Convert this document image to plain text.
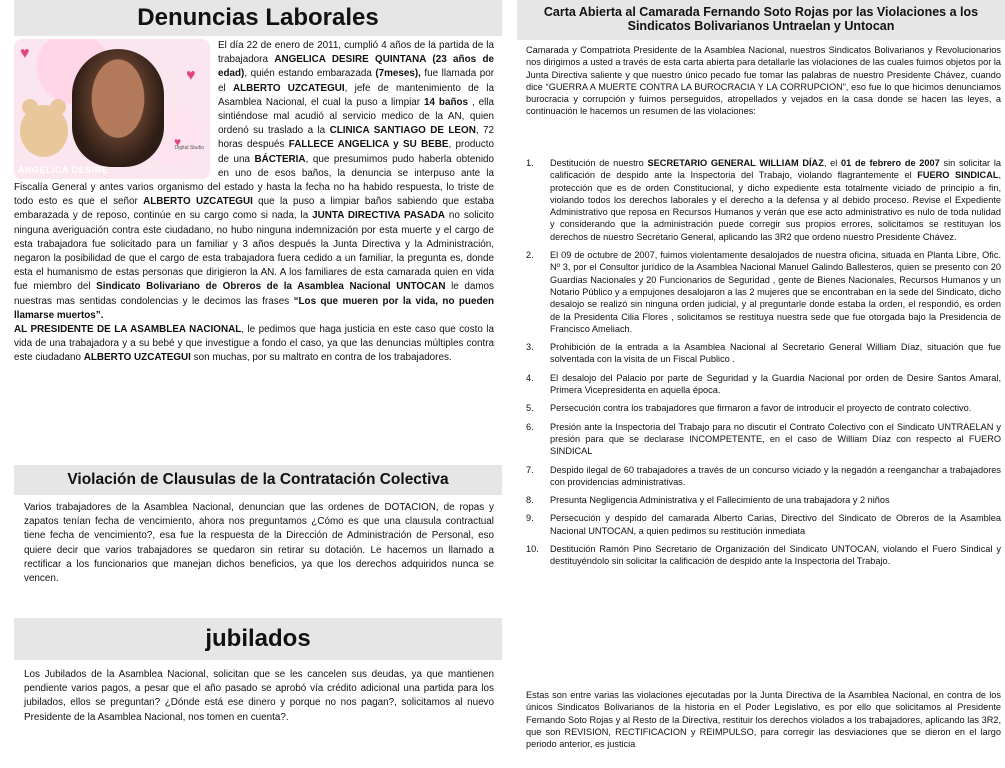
Denuncias Laborales
♥
♥
♥
ANGELICA DESIRE
Digital Studio
El día 22 de enero de 2011, cumplió 4 años de la partida de la trabajadora ANGELICA DESIRE QUINTANA (23 años de edad), quién estando embarazada (7meses), fue llamada por el ALBERTO UZCATEGUI, jefe de mantenimiento de la Asamblea Nacional, el cual la puso a limpiar 14 baños , ella sintiéndose mal acudió al servicio medico de la AN, quien ordenó su traslado a la CLINICA SANTIAGO DE LEON, 72 horas después FALLECE ANGELICA y SU BEBE, producto de una BÁCTERIA, que presumimos pudo haberla obtenido en uno de esos baños, la denuncia se interpuso ante la Fiscalía General y antes varios organismo del estado y hasta la fecha no ha habido respuesta, lo triste de todo esto es que el señor ALBERTO UZCATEGUI que la puso a limpiar baños sabiendo que estaba embarazada y de reposo, continúe en su cargo como si nada, la JUNTA DIRECTIVA PASADA no solicito ninguna averiguación contra este ciudadano, no hubo ninguna indemnización por esta muerte y el cargo de esta trabajadora fue solicitado para un familiar y 3 años después la Junta Directiva y la Administración, negaron la posibilidad de que el cargo de esta trabajadora fuera cedido a un familiar, la pregunta es, donde esta el humanismo de estas personas que dirigieron la AN. A los familiares de esta camarada quien en vida fue miembro del Sindicato Bolivariano de Obreros de la Asamblea Nacional UNTOCAN le damos nuestras mas sentidas condolencias y le decimos las frases “Los que mueren por la vida, no pueden llamarse muertos”.
AL PRESIDENTE DE LA ASAMBLEA NACIONAL, le pedimos que haga justicia en este caso que costo la vida de una trabajadora y a su bebé y que investigue a fondo el caso, ya que las denuncias múltiples contra este ciudadano ALBERTO UZCATEGUI son muchas, por su maltrato en contra de los trabajadores.
Violación de Clausulas de la Contratación Colectiva

Varios trabajadores de la Asamblea Nacional, denuncian que las ordenes de DOTACION, de ropas y zapatos tenían fecha de vencimiento, ahora nos preguntamos ¿Cómo es que una clausula contractual tiene fecha de vencimiento?, esa fue la respuesta de la Dirección de Administración de Personal, eso quiere decir que varios trabajadores se quedaron sin retirar su dotación. Le hacemos un llamado a rectificar a los funcionarios que manejan dichos beneficios, ya que los derechos adquiridos nunca se vencen.

jubilados

Los Jubilados de la Asamblea Nacional, solicitan que se les cancelen sus deudas, ya que mantienen pendiente varios pagos, a pesar que el año pasado se aprobó vía crédito adicional una partida para los jubilados, ellos se preguntan? ¿Dónde está ese dinero y porque no nos pagan?, solicitamos al nuevo Presidente de la Asamblea Nacional, nos tomen en cuenta?.

Carta Abierta al Camarada Fernando Soto Rojas por las Violaciones a los Sindicatos Bolivarianos Untraelan y Untocan

Camarada y Compatriota Presidente de la Asamblea Nacional, nuestros Sindicatos Bolivarianos y Revolucionarios nos dirigimos a usted a través de esta carta abierta para detallarle las violaciones de las cuales fuimos objetos por la Junta Directiva saliente y que nuestro único pecado fue tomar las palabras de nuestro Presidente Chávez, cuando dice “GUERRA A MUERTE CONTRA LA BUROCRACIA Y LA CORRUPCION”, eso fue lo que hicimos denunciamos burocracia y corrupción y fuimos perseguidos, atropellados y vejados en la casa donde se hacen las leyes, a continuación le hacemos un resumen de las violaciones:

1. Destitución de nuestro SECRETARIO GENERAL WILLIAM DÍAZ, el 01 de febrero de 2007 sin solicitar la calificación de despido ante la Inspectoria del Trabajo, violando flagrantemente el FUERO SINDICAL, protección que es de orden Constitucional, y dicho expediente esta totalmente viciado de principio a fin, violando todos los derechos laborales y el derecho a la defensa y al debido proceso. Revise el Expediente Administrativo que reposa en Recursos Humanos y verán que ese acto administrativo es nulo de toda nulidad y considerando que la administración puede corregir sus propios errores, solicitamos se restituyan los derechos de nuestro Secretario General, aplicando las 3R2 que ordeno nuestro Presidente Chávez.
2. El 09 de octubre de 2007, fuimos violentamente desalojados de nuestra oficina, situada en Planta Libre, Ofic. Nº 3, por el Consultor jurídico de la Asamblea Nacional Manuel Galindo Ballesteros, quien se presento con 20 Guardias Nacionales y 20 Funcionarios de Seguridad , gente de Bienes Nacionales, Recursos Humanos y un Notario Público y a empujones desalojaron a las 2 mujeres que se encontraban en la sede del Sindicato, dicho desalojo se realizó sin ninguna orden judicial, y al preguntarle donde estaba la orden, el respondió, es orden de la Presidenta Cilia Flores , solicitamos se restituya nuestra sede que fue otorgada bajo la Presidencia de Francisco Ameliach.
3. Prohibición de la entrada a la Asamblea Nacional al Secretario General William Díaz, situación que fue solventada con la visita de un Fiscal Publico .
4. El desalojo del Palacio por parte de Seguridad y la Guardia Nacional por orden de Desire Santos Amaral, Primera Vicepresidenta en aquella época.
5. Persecución contra los trabajadores que firmaron a favor de introducir el proyecto de contrato colectivo.
6. Presión ante la Inspectoria del Trabajo para no discutir el Contrato Colectivo con el Sindicato UNTRAELAN y presión para que se declarase INCOMPETENTE, en el caso de William Díaz con respecto al FUERO SINDICAL
7. Despido ilegal de 60 trabajadores a través de un concurso viciado y la negadón a reenganchar a trabajadores con providencias administrativas.
8. Presunta Negligencia Administrativa y el Fallecimiento de una trabajadora y 2 niños
9. Persecución y despido del camarada Alberto Carias, Directivo del Sindicato de Obreros de la Asamblea Nacional UNTOCAN, a quien pedimos su restitución inmediata
10. Destitución Ramón Pino Secretario de Organización del Sindicato UNTOCAN, violando el Fuero Sindical y destituyéndolo sin solicitar la calificación de despido ante la Inspectoria del Trabajo.

Estas son entre varias las violaciones ejecutadas por la Junta Directiva de la Asamblea Nacional, en contra de los únicos Sindicatos Bolivarianos de la historia en el Poder Legislativo, es por ello que solicitamos al Presidente Fernando Soto Rojas y al Resto de la Directiva, restituir los derechos violados a los trabajadores, aplicando las 3R2, que son REVISION, RECTIFICACION y REIMPULSO, para corregir las desviaciones que se dieron en el largo periodo anterior, es justicia
